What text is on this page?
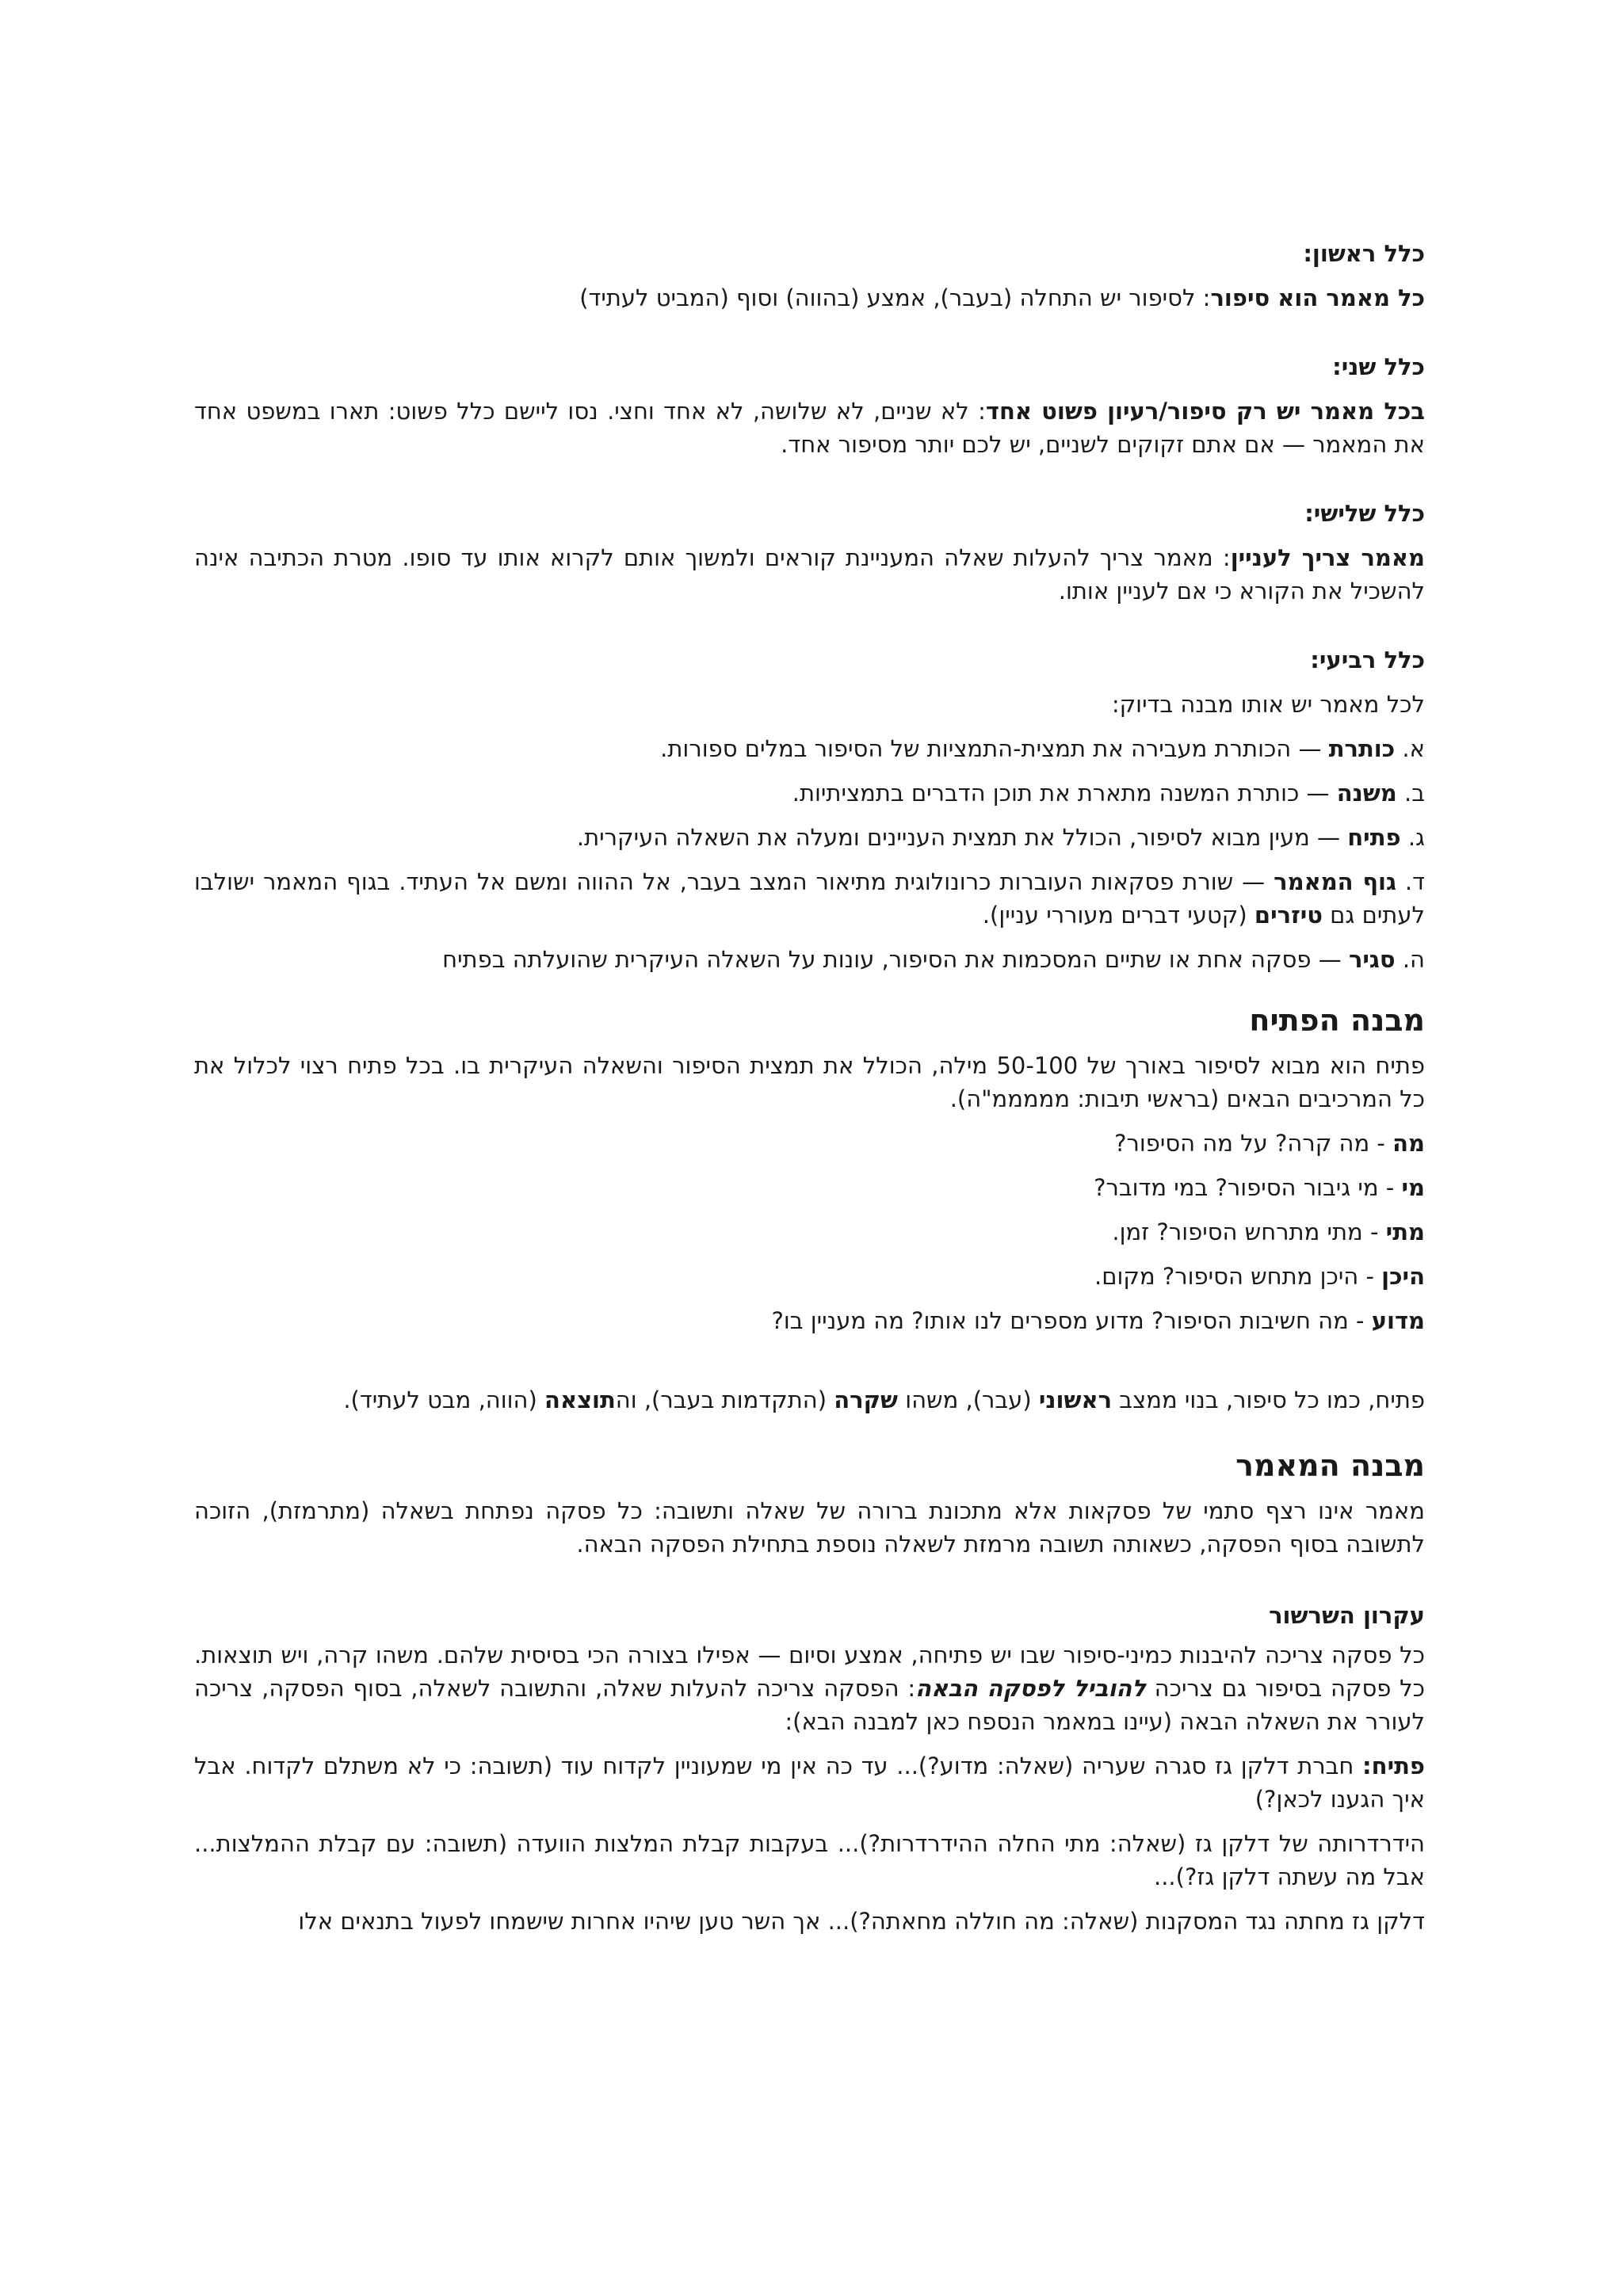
כלל ראשון:

כל מאמר הוא סיפור: לסיפור יש התחלה (בעבר), אמצע (בהווה) וסוף (המביט לעתיד)

כלל שני:

בכל מאמר יש רק סיפור/רעיון פשוט אחד: לא שניים, לא שלושה, לא אחד וחצי. נסו ליישם כלל פשוט: תארו במשפט אחד את המאמר — אם אתם זקוקים לשניים, יש לכם יותר מסיפור אחד.

כלל שלישי:

מאמר צריך לעניין: מאמר צריך להעלות שאלה המעניינת קוראים ולמשוך אותם לקרוא אותו עד סופו. מטרת הכתיבה אינה להשכיל את הקורא כי אם לעניין אותו.

כלל רביעי:

לכל מאמר יש אותו מבנה בדיוק:

א. כותרת — הכותרת מעבירה את תמצית-התמציות של הסיפור במלים ספורות.

ב. משנה — כותרת המשנה מתארת את תוכן הדברים בתמציתיות.

ג. פתיח — מעין מבוא לסיפור, הכולל את תמצית העניינים ומעלה את השאלה העיקרית.

ד. גוף המאמר — שורת פסקאות העוברות כרונולוגית מתיאור המצב בעבר, אל ההווה ומשם אל העתיד. בגוף המאמר ישולבו לעתים גם טיזרים (קטעי דברים מעוררי עניין).

ה. סגיר — פסקה אחת או שתיים המסכמות את הסיפור, עונות על השאלה העיקרית שהועלתה בפתיח

מבנה הפתיח

פתיח הוא מבוא לסיפור באורך של 50-100 מילה, הכולל את תמצית הסיפור והשאלה העיקרית בו. בכל פתיח רצוי לכלול את כל המרכיבים הבאים (בראשי תיבות: מממממ"ה).

מה - מה קרה? על מה הסיפור?

מי - מי גיבור הסיפור? במי מדובר?

מתי - מתי מתרחש הסיפור? זמן.

היכן - היכן מתחש הסיפור? מקום.

מדוע - מה חשיבות הסיפור? מדוע מספרים לנו אותו? מה מעניין בו?

פתיח, כמו כל סיפור, בנוי ממצב ראשוני (עבר), משהו שקרה (התקדמות בעבר), והתוצאה (הווה, מבט לעתיד).

מבנה המאמר

מאמר אינו רצף סתמי של פסקאות אלא מתכונת ברורה של שאלה ותשובה: כל פסקה נפתחת בשאלה (מתרמזת), הזוכה לתשובה בסוף הפסקה, כשאותה תשובה מרמזת לשאלה נוספת בתחילת הפסקה הבאה.

עקרון השרשור

כל פסקה צריכה להיבנות כמיני-סיפור שבו יש פתיחה, אמצע וסיום — אפילו בצורה הכי בסיסית שלהם. משהו קרה, ויש תוצאות. כל פסקה בסיפור גם צריכה להוביל לפסקה הבאה: הפסקה צריכה להעלות שאלה, והתשובה לשאלה, בסוף הפסקה, צריכה לעורר את השאלה הבאה (עיינו במאמר הנספח כאן למבנה הבא):

פתיח: חברת דלקן גז סגרה שעריה (שאלה: מדוע?)... עד כה אין מי שמעוניין לקדוח עוד (תשובה: כי לא משתלם לקדוח. אבל איך הגענו לכאן?)

הידרדרותה של דלקן גז (שאלה: מתי החלה ההידרדרות?)... בעקבות קבלת המלצות הוועדה (תשובה: עם קבלת ההמלצות... אבל מה עשתה דלקן גז?)...

דלקן גז מחתה נגד המסקנות (שאלה: מה חוללה מחאתה?)... אך השר טען שיהיו אחרות שישמחו לפעול בתנאים אלו
